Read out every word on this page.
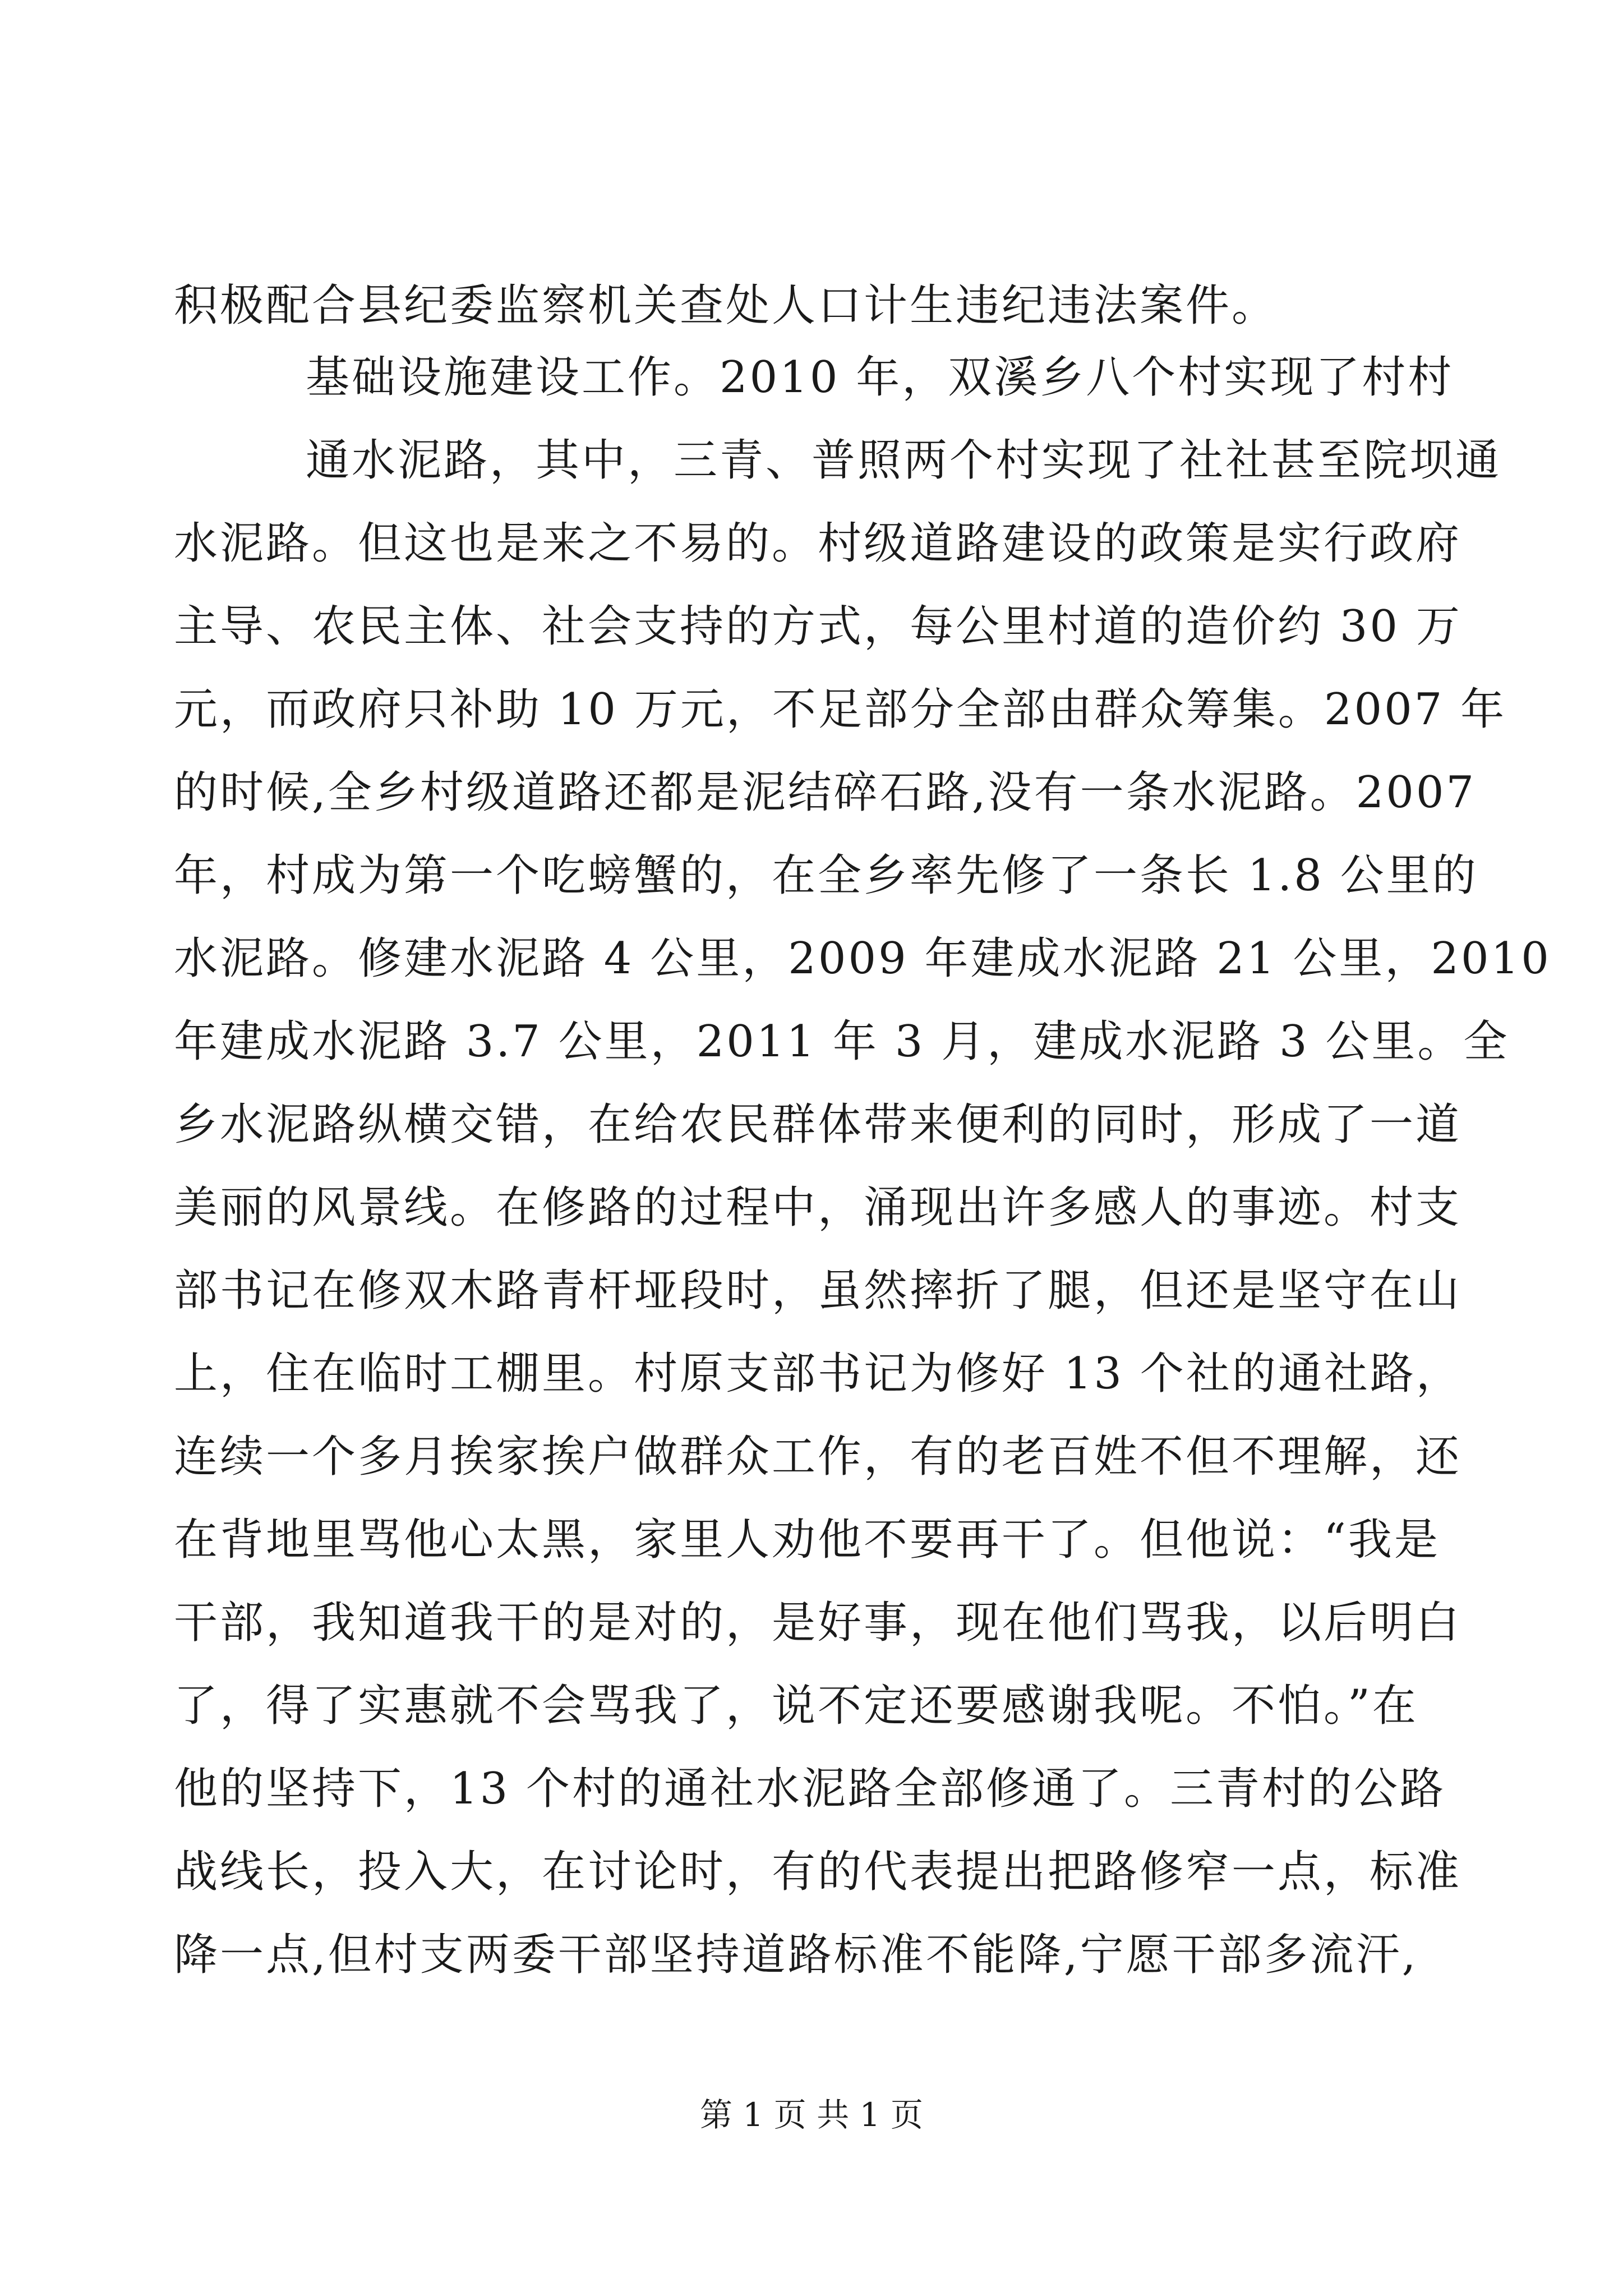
积极配合县纪委监察机关查处人口计生违纪违法案件。
基础设施建设工作。2010 年，双溪乡八个村实现了村村
通水泥路，其中，三青、普照两个村实现了社社甚至院坝通
水泥路。但这也是来之不易的。村级道路建设的政策是实行政府
主导、农民主体、社会支持的方式，每公里村道的造价约 30 万
元，而政府只补助 10 万元，不足部分全部由群众筹集。2007 年
的时候,全乡村级道路还都是泥结碎石路,没有一条水泥路。2007
年，村成为第一个吃螃蟹的，在全乡率先修了一条长 1.8 公里的
水泥路。修建水泥路 4 公里，2009 年建成水泥路 21 公里，2010
年建成水泥路 3.7 公里，2011 年 3 月，建成水泥路 3 公里。全
乡水泥路纵横交错，在给农民群体带来便利的同时，形成了一道
美丽的风景线。在修路的过程中，涌现出许多感人的事迹。村支
部书记在修双木路青杆垭段时，虽然摔折了腿，但还是坚守在山
上，住在临时工棚里。村原支部书记为修好 13 个社的通社路，
连续一个多月挨家挨户做群众工作，有的老百姓不但不理解，还
在背地里骂他心太黑，家里人劝他不要再干了。但他说：“我是
干部，我知道我干的是对的，是好事，现在他们骂我，以后明白
了，得了实惠就不会骂我了，说不定还要感谢我呢。不怕。”在
他的坚持下，13 个村的通社水泥路全部修通了。三青村的公路
战线长，投入大，在讨论时，有的代表提出把路修窄一点，标准
降一点,但村支两委干部坚持道路标准不能降,宁愿干部多流汗,
第 1 页 共 1 页
